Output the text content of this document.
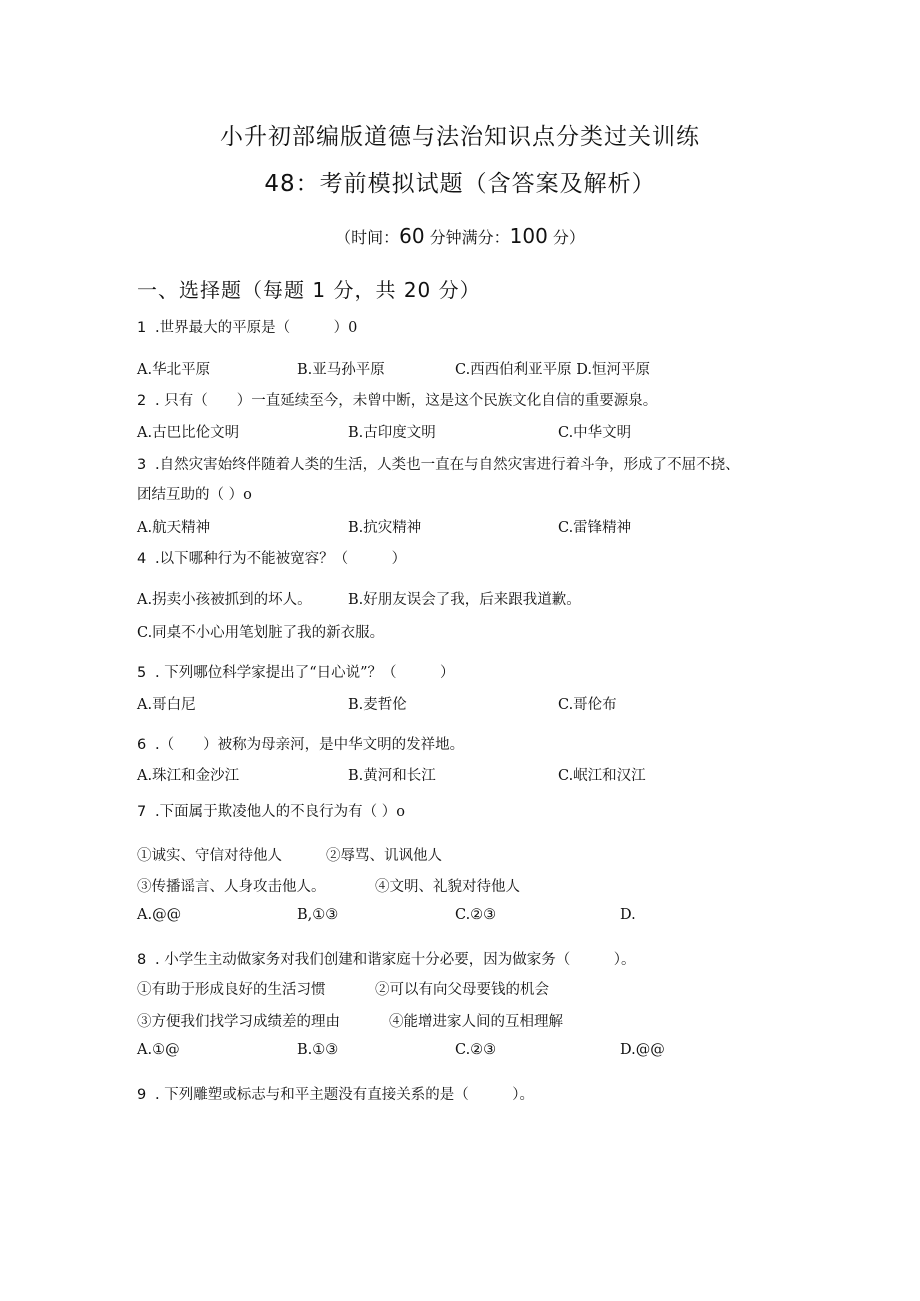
小升初部编版道德与法治知识点分类过关训练
48：考前模拟试题（含答案及解析）
（时间：60 分钟满分：100 分）
一、选择题（每题 1 分，共 20 分）
1 .世界最大的平原是（　　　）0
A.华北平原	B.亚马孙平原	C.西西伯利亚平原 D.恒河平原
2 . 只有（　　）一直延续至今，未曾中断，这是这个民族文化自信的重要源泉。
A.古巴比伦文明	B.古印度文明	C.中华文明
3 .自然灾害始终伴随着人类的生活，人类也一直在与自然灾害进行着斗争，形成了不屈不挠、
团结互助的（ ）o
A.航天精神	B.抗灾精神	C.雷锋精神
4 .以下哪种行为不能被宽容？（　　　）
A.拐卖小孩被抓到的坏人。	B.好朋友误会了我，后来跟我道歉。
C.同桌不小心用笔划脏了我的新衣服。
5 . 下列哪位科学家提出了“日心说”？（　　　）
A.哥白尼	B.麦哲伦	C.哥伦布
6 .（　　）被称为母亲河，是中华文明的发祥地。
A.珠江和金沙江	B.黄河和长江	C.岷江和汉江
7 .下面属于欺凌他人的不良行为有（ ）o
①诚实、守信对待他人	②辱骂、讥讽他人
③传播谣言、人身攻击他人。	④文明、礼貌对待他人
A.@@	B,①③	C.②③	D.
8 . 小学生主动做家务对我们创建和谐家庭十分必要，因为做家务（　　　）。
①有助于形成良好的生活习惯	②可以有向父母要钱的机会
③方便我们找学习成绩差的理由	④能增进家人间的互相理解
A.①@	B.①③	C.②③	D.@@
9 . 下列雕塑或标志与和平主题没有直接关系的是（　　　）。
